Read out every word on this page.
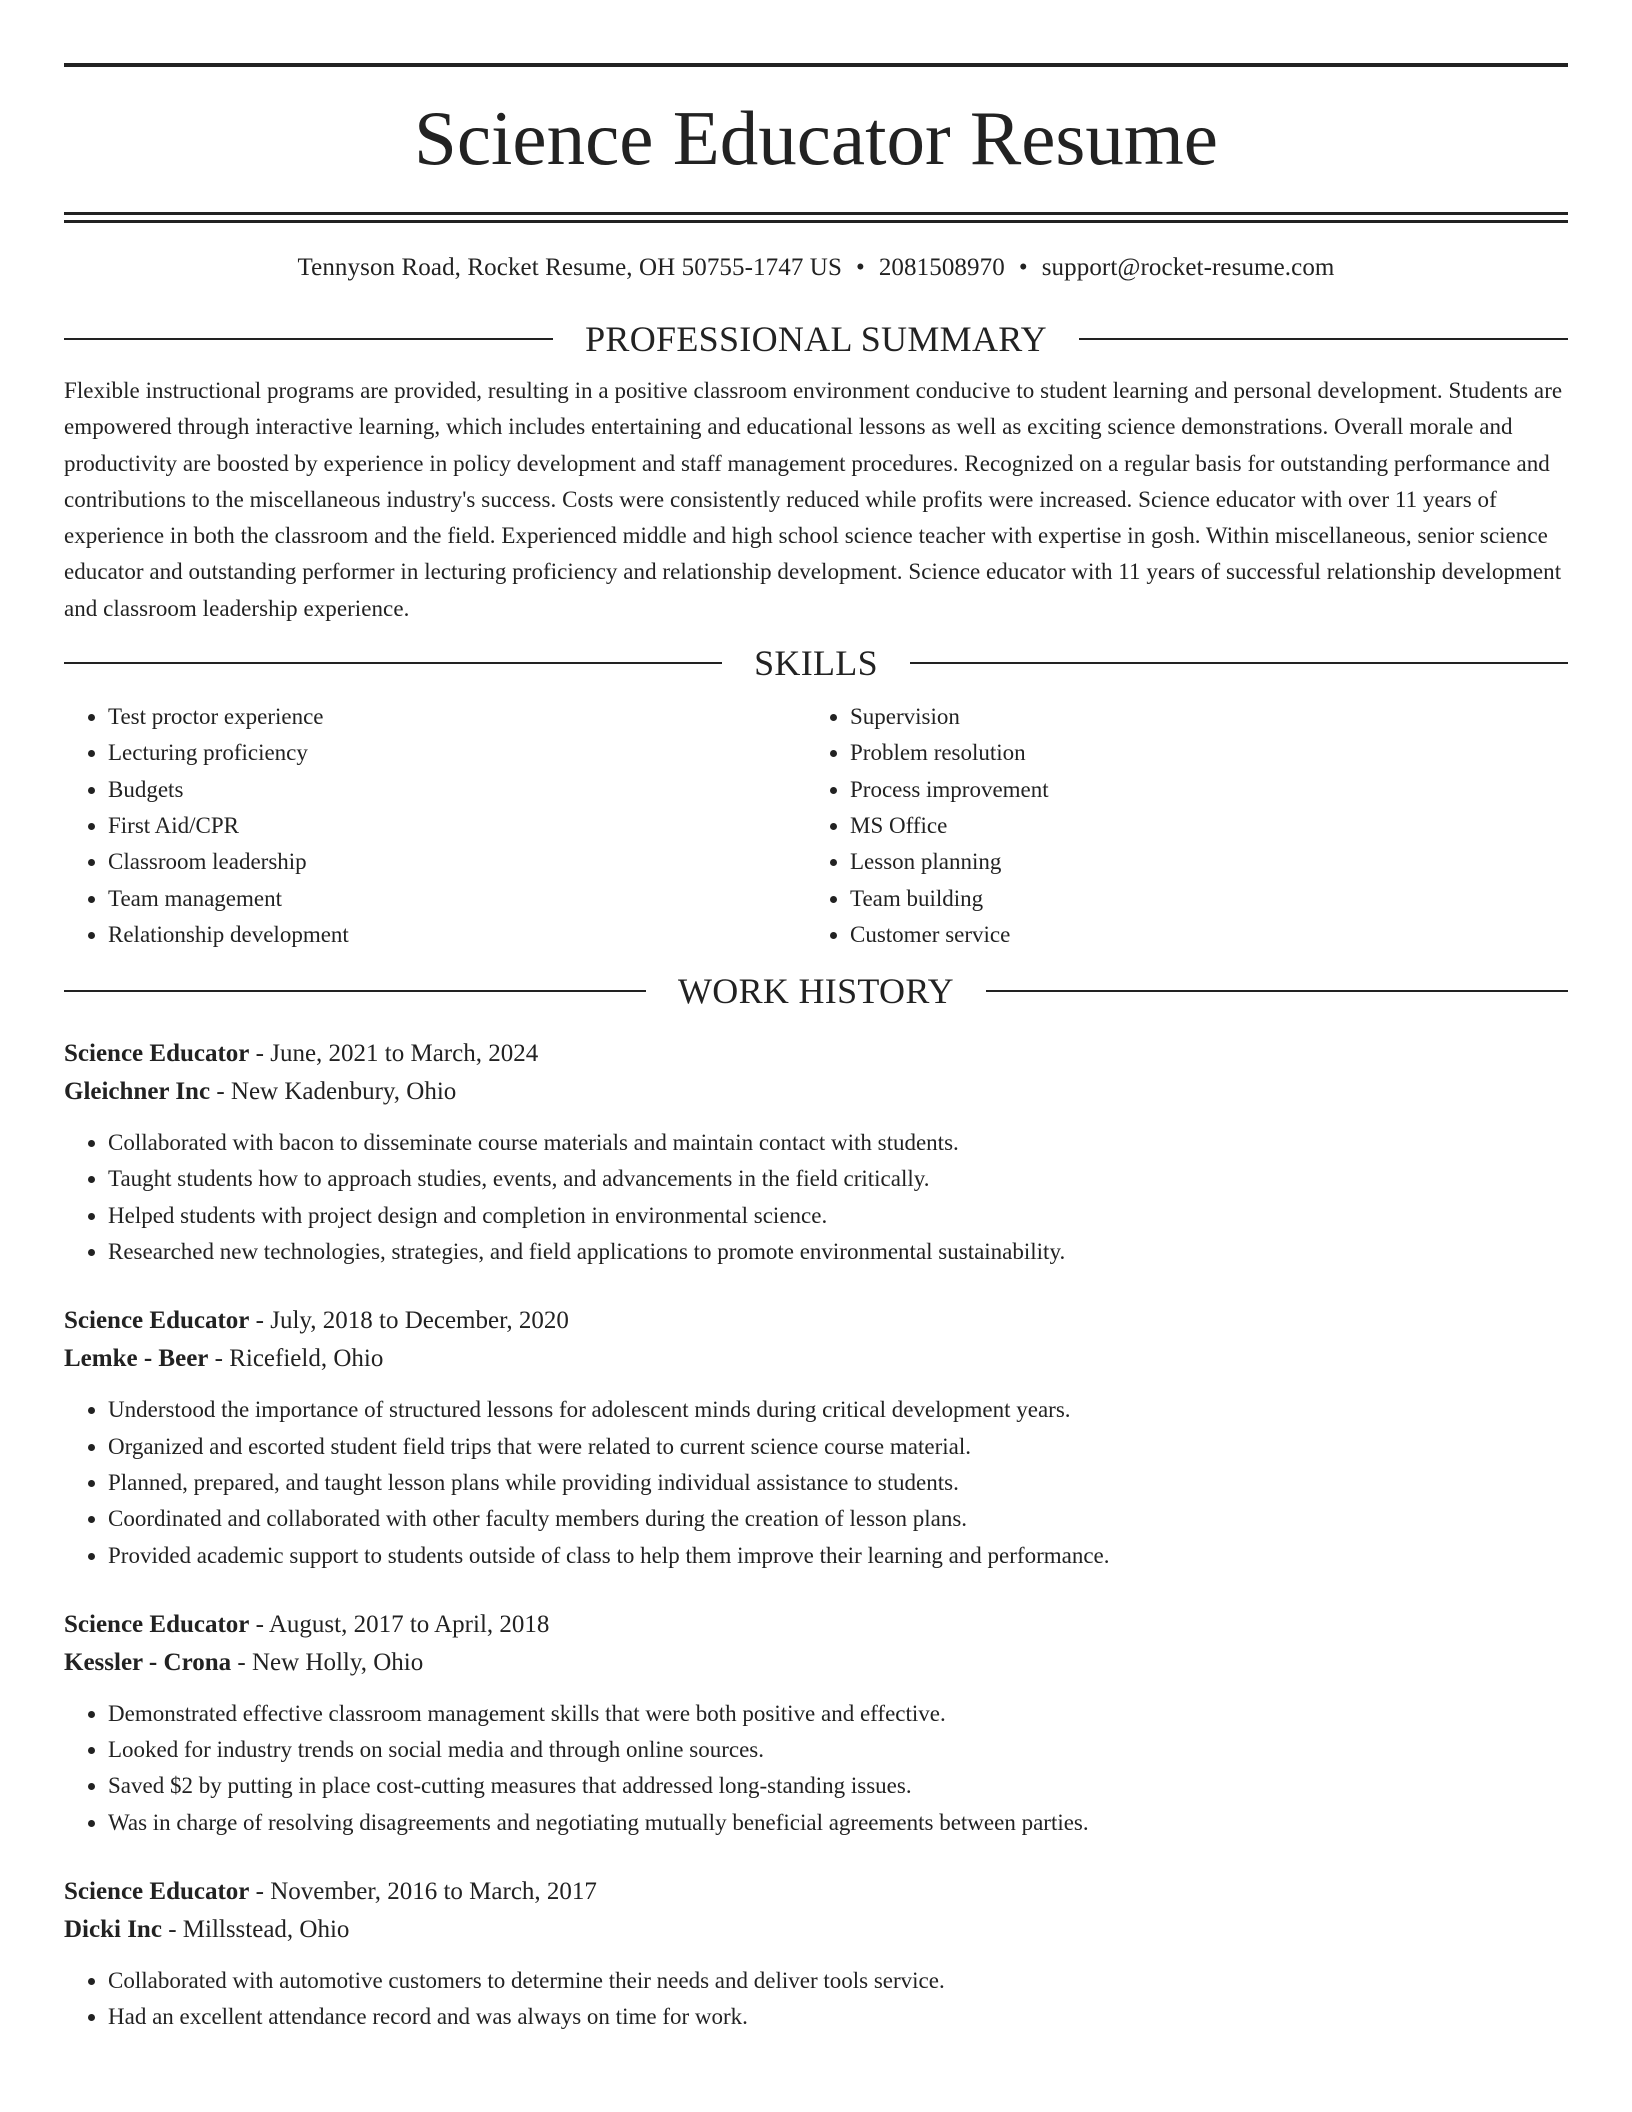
Science Educator Resume
Tennyson Road, Rocket Resume, OH 50755-1747 US • 2081508970 • support@rocket-resume.com
PROFESSIONAL SUMMARY

Flexible instructional programs are provided, resulting in a positive classroom environment conducive to student learning and personal development. Students are empowered through interactive learning, which includes entertaining and educational lessons as well as exciting science demonstrations. Overall morale and productivity are boosted by experience in policy development and staff management procedures. Recognized on a regular basis for outstanding performance and contributions to the miscellaneous industry's success. Costs were consistently reduced while profits were increased. Science educator with over 11 years of experience in both the classroom and the field. Experienced middle and high school science teacher with expertise in gosh. Within miscellaneous, senior science educator and outstanding performer in lecturing proficiency and relationship development. Science educator with 11 years of successful relationship development and classroom leadership experience.

SKILLS
• Test proctor experience
• Lecturing proficiency
• Budgets
• First Aid/CPR
• Classroom leadership
• Team management
• Relationship development
• Supervision
• Problem resolution
• Process improvement
• MS Office
• Lesson planning
• Team building
• Customer service
WORK HISTORY
Science Educator - June, 2021 to March, 2024
Gleichner Inc - New Kadenbury, Ohio
• Collaborated with bacon to disseminate course materials and maintain contact with students.
• Taught students how to approach studies, events, and advancements in the field critically.
• Helped students with project design and completion in environmental science.
• Researched new technologies, strategies, and field applications to promote environmental sustainability.
Science Educator - July, 2018 to December, 2020
Lemke - Beer - Ricefield, Ohio
• Understood the importance of structured lessons for adolescent minds during critical development years.
• Organized and escorted student field trips that were related to current science course material.
• Planned, prepared, and taught lesson plans while providing individual assistance to students.
• Coordinated and collaborated with other faculty members during the creation of lesson plans.
• Provided academic support to students outside of class to help them improve their learning and performance.
Science Educator - August, 2017 to April, 2018
Kessler - Crona - New Holly, Ohio
• Demonstrated effective classroom management skills that were both positive and effective.
• Looked for industry trends on social media and through online sources.
• Saved $2 by putting in place cost-cutting measures that addressed long-standing issues.
• Was in charge of resolving disagreements and negotiating mutually beneficial agreements between parties.
Science Educator - November, 2016 to March, 2017
Dicki Inc - Millsstead, Ohio
• Collaborated with automotive customers to determine their needs and deliver tools service.
• Had an excellent attendance record and was always on time for work.
